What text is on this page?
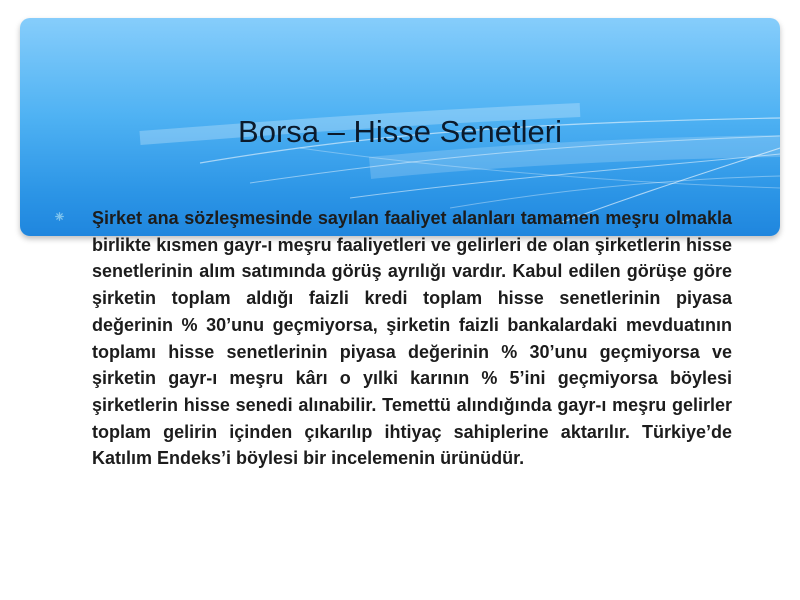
Borsa – Hisse Senetleri

Şirket ana sözleşmesinde sayılan faaliyet alanları tamamen meşru olmakla birlikte kısmen gayr-ı meşru faaliyetleri ve gelirleri de olan şirketlerin hisse senetlerinin alım satımında görüş ayrılığı vardır. Kabul edilen görüşe göre şirketin toplam aldığı faizli kredi toplam hisse senetlerinin piyasa değerinin % 30’unu geçmiyorsa, şirketin faizli bankalardaki mevduatının toplamı hisse senetlerinin piyasa değerinin % 30’unu geçmiyorsa ve şirketin gayr-ı meşru kârı o yılki karının % 5’ini geçmiyorsa böylesi şirketlerin hisse senedi alınabilir. Temettü alındığında gayr-ı meşru gelirler toplam gelirin içinden çıkarılıp ihtiyaç sahiplerine aktarılır. Türkiye’de Katılım Endeks’i böylesi bir incelemenin ürünüdür.
